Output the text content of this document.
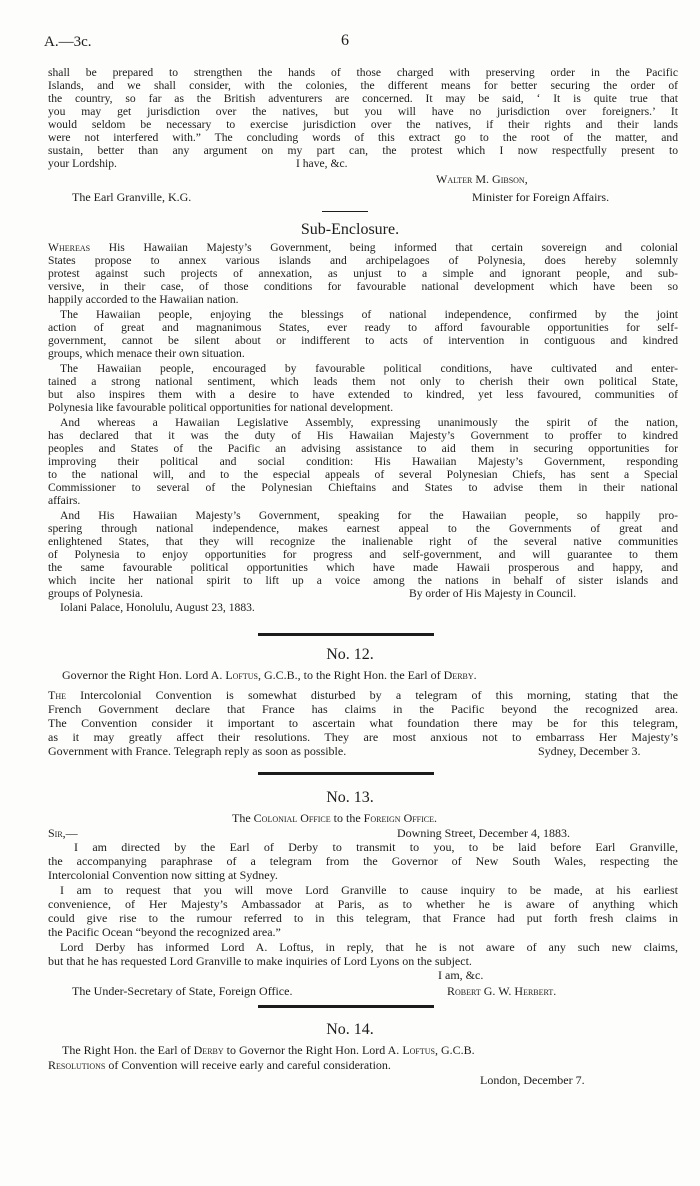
A.—3c.	6
shall be prepared to strengthen the hands of those charged with preserving order in the Pacific
Islands, and we shall consider, with the colonies, the different means for better securing the order of
the country, so far as the British adventurers are concerned. It may be said, ‘ It is quite true that
you may get jurisdiction over the natives, but you will have no jurisdiction over foreigners.’ It
would seldom be necessary to exercise jurisdiction over the natives, if their rights and their lands
were not interfered with.” The concluding words of this extract go to the root of the matter, and
sustain, better than any argument on my part can, the protest which I now respectfully present to
your Lordship.	I have, &c.
Walter M. Gibson,
The Earl Granville, K.G.	Minister for Foreign Affairs.
Sub-Enclosure.
Whereas His Hawaiian Majesty’s Government, being informed that certain sovereign and colonial
States propose to annex various islands and archipelagoes of Polynesia, does hereby solemnly
protest against such projects of annexation, as unjust to a simple and ignorant people, and sub-
versive, in their case, of those conditions for favourable national development which have been so
happily accorded to the Hawaiian nation.
The Hawaiian people, enjoying the blessings of national independence, confirmed by the joint
action of great and magnanimous States, ever ready to afford favourable opportunities for self-
government, cannot be silent about or indifferent to acts of intervention in contiguous and kindred
groups, which menace their own situation.
The Hawaiian people, encouraged by favourable political conditions, have cultivated and enter-
tained a strong national sentiment, which leads them not only to cherish their own political State,
but also inspires them with a desire to have extended to kindred, yet less favoured, communities of
Polynesia like favourable political opportunities for national development.
And whereas a Hawaiian Legislative Assembly, expressing unanimously the spirit of the nation,
has declared that it was the duty of His Hawaiian Majesty’s Government to proffer to kindred
peoples and States of the Pacific an advising assistance to aid them in securing opportunities for
improving their political and social condition: His Hawaiian Majesty’s Government, responding
to the national will, and to the especial appeals of several Polynesian Chiefs, has sent a Special
Commissioner to several of the Polynesian Chieftains and States to advise them in their national
affairs.
And His Hawaiian Majesty’s Government, speaking for the Hawaiian people, so happily pro-
spering through national independence, makes earnest appeal to the Governments of great and
enlightened States, that they will recognize the inalienable right of the several native communities
of Polynesia to enjoy opportunities for progress and self-government, and will guarantee to them
the same favourable political opportunities which have made Hawaii prosperous and happy, and
which incite her national spirit to lift up a voice among the nations in behalf of sister islands and
groups of Polynesia.	By order of His Majesty in Council.
Iolani Palace, Honolulu, August 23, 1883.
No. 12.
Governor the Right Hon. Lord A. Loftus, G.C.B., to the Right Hon. the Earl of Derby.
The Intercolonial Convention is somewhat disturbed by a telegram of this morning, stating that the
French Government declare that France has claims in the Pacific beyond the recognized area.
The Convention consider it important to ascertain what foundation there may be for this telegram,
as it may greatly affect their resolutions. They are most anxious not to embarrass Her Majesty’s
Government with France. Telegraph reply as soon as possible.	Sydney, December 3.
No. 13.
The Colonial Office to the Foreign Office.
Sir,—	Downing Street, December 4, 1883.
I am directed by the Earl of Derby to transmit to you, to be laid before Earl Granville,
the accompanying paraphrase of a telegram from the Governor of New South Wales, respecting the
Intercolonial Convention now sitting at Sydney.
I am to request that you will move Lord Granville to cause inquiry to be made, at his earliest
convenience, of Her Majesty’s Ambassador at Paris, as to whether he is aware of anything which
could give rise to the rumour referred to in this telegram, that France had put forth fresh claims in
the Pacific Ocean “beyond the recognized area.”
Lord Derby has informed Lord A. Loftus, in reply, that he is not aware of any such new claims,
but that he has requested Lord Granville to make inquiries of Lord Lyons on the subject.
I am, &c.
The Under-Secretary of State, Foreign Office.	Robert G. W. Herbert.
No. 14.
The Right Hon. the Earl of Derby to Governor the Right Hon. Lord A. Loftus, G.C.B.
Resolutions of Convention will receive early and careful consideration.
London, December 7.
